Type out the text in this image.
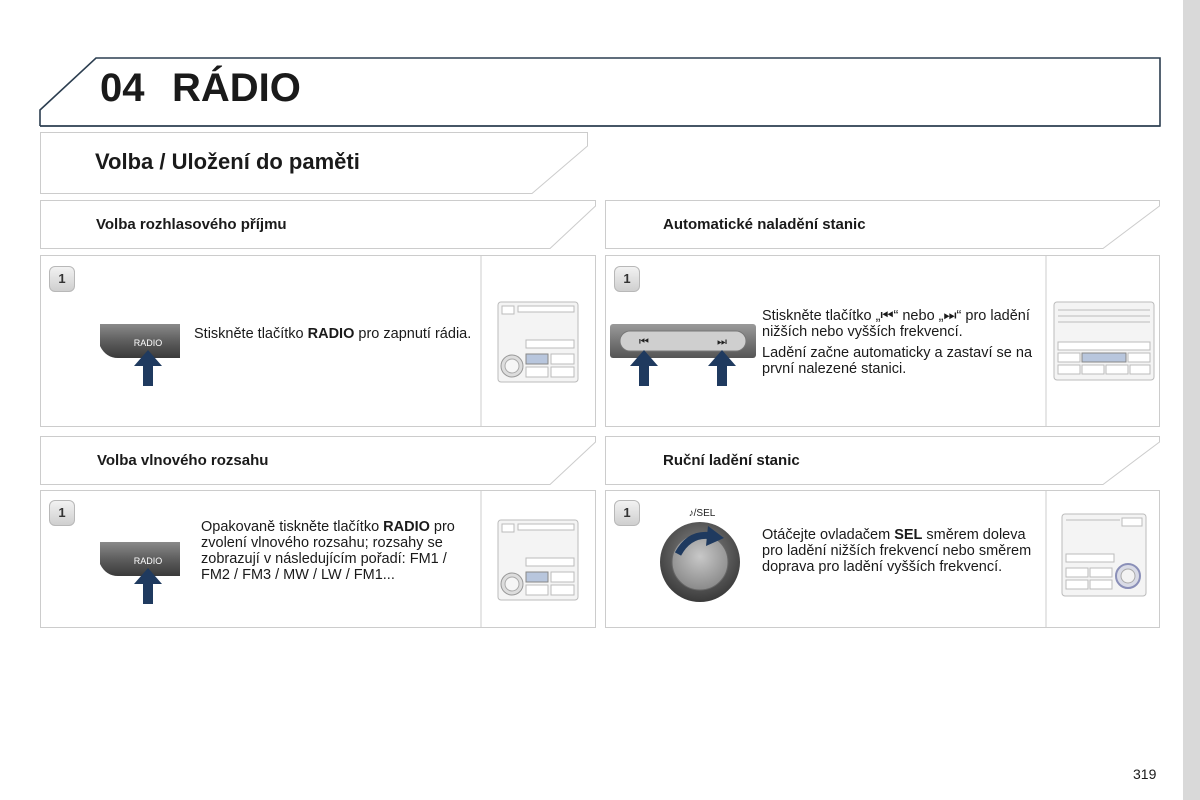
04 RÁDIO
Volba / Uložení do paměti
Volba rozhlasového příjmu	Automatické naladění stanic
Volba vlnového rozsahu	Ruční ladění stanic
1	1
1	1
RADIO
Stiskněte tlačítko RADIO pro zapnutí rádia.	⏮	⏭
Stiskněte tlačítko „⏮“ nebo „⏭“ pro ladění nižších nebo vyšších frekvencí.
Ladění začne automaticky a zastaví se na první nalezené stanici.
RADIO
Opakovaně tiskněte tlačítko RADIO pro zvolení vlnového rozsahu; rozsahy se zobrazují v následujícím pořadí: FM1 / FM2 / FM3 / MW / LW / FM1...
♪/SEL
Otáčejte ovladačem SEL směrem doleva pro ladění nižších frekvencí nebo směrem doprava pro ladění vyšších frekvencí.
319
